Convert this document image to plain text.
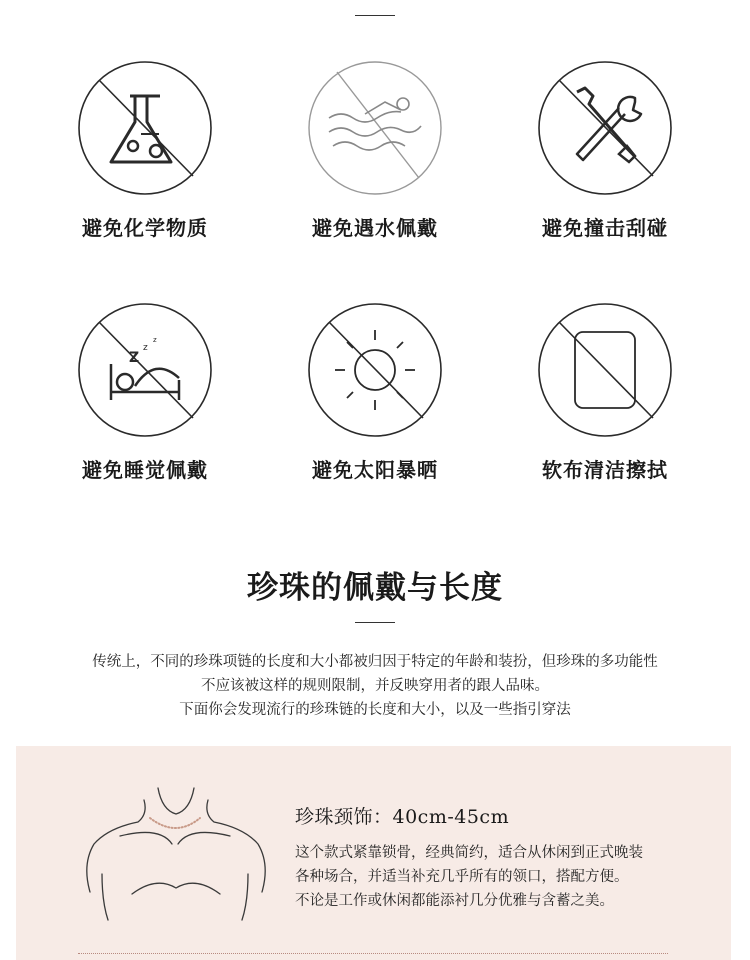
避免化学物质	避免遇水佩戴	避免撞击刮碰
Z
z
z
避免睡觉佩戴	避免太阳暴晒	软布清洁擦拭
珍珠的佩戴与长度

传统上，不同的珍珠项链的长度和大小都被归因于特定的年龄和装扮，但珍珠的多功能性

不应该被这样的规则限制，并反映穿用者的跟人品味。

下面你会发现流行的珍珠链的长度和大小，以及一些指引穿法

珍珠颈饰：40cm-45cm

这个款式紧靠锁骨，经典简约，适合从休闲到正式晚装

各种场合，并适当补充几乎所有的领口，搭配方便。

不论是工作或休闲都能添衬几分优雅与含蓄之美。
